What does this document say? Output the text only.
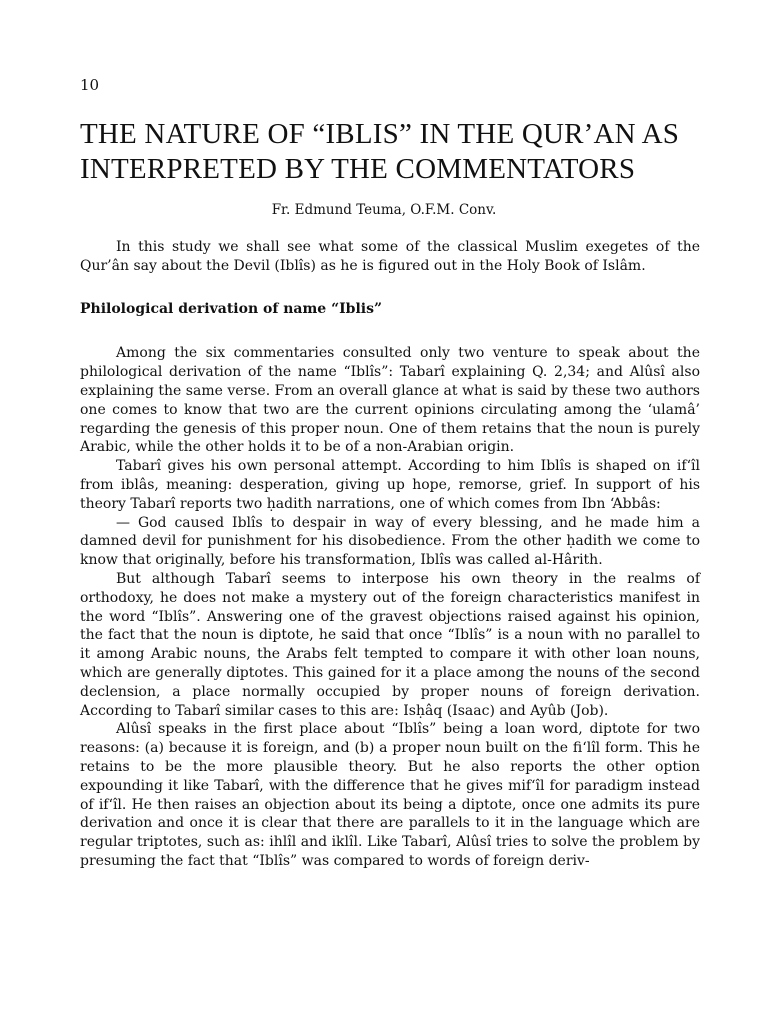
10
THE NATURE OF “IBLIS” IN THE QUR’AN AS INTERPRETED BY THE COMMENTATORS
Fr. Edmund Teuma, O.F.M. Conv.

In this study we shall see what some of the classical Muslim exegetes of the Qur’ân say about the Devil (Iblîs) as he is figured out in the Holy Book of Islâm.

Philological derivation of name “Iblis”

Among the six commentaries consulted only two venture to speak about the philological derivation of the name “Iblîs”: Tabarî explaining Q. 2,34; and Alûsî also explaining the same verse. From an overall glance at what is said by these two authors one comes to know that two are the current opinions circulating among the ‘ulamâ’ regarding the genesis of this proper noun. One of them retains that the noun is purely Arabic, while the other holds it to be of a non-Arabian origin.

Tabarî gives his own personal attempt. According to him Iblîs is shaped on if‘îl from iblâs, meaning: desperation, giving up hope, remorse, grief. In support of his theory Tabarî reports two ḥadith narrations, one of which comes from Ibn ‘Abbâs:

— God caused Iblîs to despair in way of every blessing, and he made him a damned devil for punishment for his disobedience. From the other ḥadith we come to know that originally, before his transformation, Iblîs was called al-Hârith.

But although Tabarî seems to interpose his own theory in the realms of orthodoxy, he does not make a mystery out of the foreign characteristics manifest in the word “Iblîs”. Answering one of the gravest objections raised against his opinion, the fact that the noun is diptote, he said that once “Iblîs” is a noun with no parallel to it among Arabic nouns, the Arabs felt tempted to compare it with other loan nouns, which are generally diptotes. This gained for it a place among the nouns of the second declension, a place normally occupied by proper nouns of foreign derivation. According to Tabarî similar cases to this are: Isḥâq (Isaac) and Ayûb (Job).

Alûsî speaks in the first place about “Iblîs” being a loan word, diptote for two reasons: (a) because it is foreign, and (b) a proper noun built on the fi‘lîl form. This he retains to be the more plausible theory. But he also reports the other option expounding it like Tabarî, with the difference that he gives mif‘îl for paradigm instead of if‘îl. He then raises an objection about its being a diptote, once one admits its pure derivation and once it is clear that there are parallels to it in the language which are regular triptotes, such as: ihlîl and iklîl. Like Tabarî, Alûsî tries to solve the problem by presuming the fact that “Iblîs” was compared to words of foreign deriv-
